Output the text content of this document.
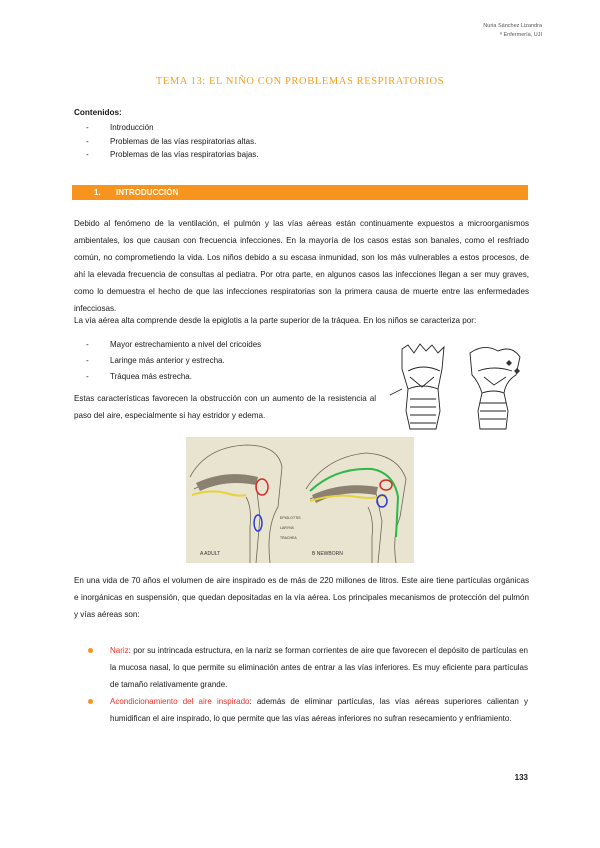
Nuria Sánchez Lizandra
º Enfermería, UJI
TEMA 13: EL NIÑO CON PROBLEMAS RESPIRATORIOS
Contenidos:
-	Introducción
-	Problemas de las vías respiratorias altas.
-	Problemas de las vías respiratorias bajas.
1. INTRODUCCIÓN
Debido al fenómeno de la ventilación, el pulmón y las vías aéreas están continuamente expuestos a microorganismos ambientales, los que causan con frecuencia infecciones. En la mayoría de los casos estas son banales, como el resfriado común, no comprometiendo la vida. Los niños debido a su escasa inmunidad, son los más vulnerables a estos procesos, de ahí la elevada frecuencia de consultas al pediatra. Por otra parte, en algunos casos las infecciones llegan a ser muy graves, como lo demuestra el hecho de que las infecciones respiratorias son la primera causa de muerte entre las enfermedades infecciosas.
La vía aérea alta comprende desde la epiglotis a la parte superior de la tráquea. En los niños se caracteriza por:
-	Mayor estrechamiento a nivel del cricoides
-	Laringe más anterior y estrecha.
-	Tráquea más estrecha.
Estas características favorecen la obstrucción con un aumento de la resistencia al paso del aire, especialmente si hay estridor y edema.
A ADULT	B NEWBORN
EPIGLOTTIS
LARYNX
TRACHEA
En una vida de 70 años el volumen de aire inspirado es de más de 220 millones de litros. Este aire tiene partículas orgánicas e inorgánicas en suspensión, que quedan depositadas en la vía aérea. Los principales mecanismos de protección del pulmón y vías aéreas son:
Nariz: por su intrincada estructura, en la nariz se forman corrientes de aire que favorecen el depósito de partículas en la mucosa nasal, lo que permite su eliminación antes de entrar a las vías inferiores. Es muy eficiente para partículas de tamaño relativamente grande.
Acondicionamiento del aire inspirado: además de eliminar partículas, las vías aéreas superiores calientan y humidifican el aire inspirado, lo que permite que las vías aéreas inferiores no sufran resecamiento y enfriamiento.
133
